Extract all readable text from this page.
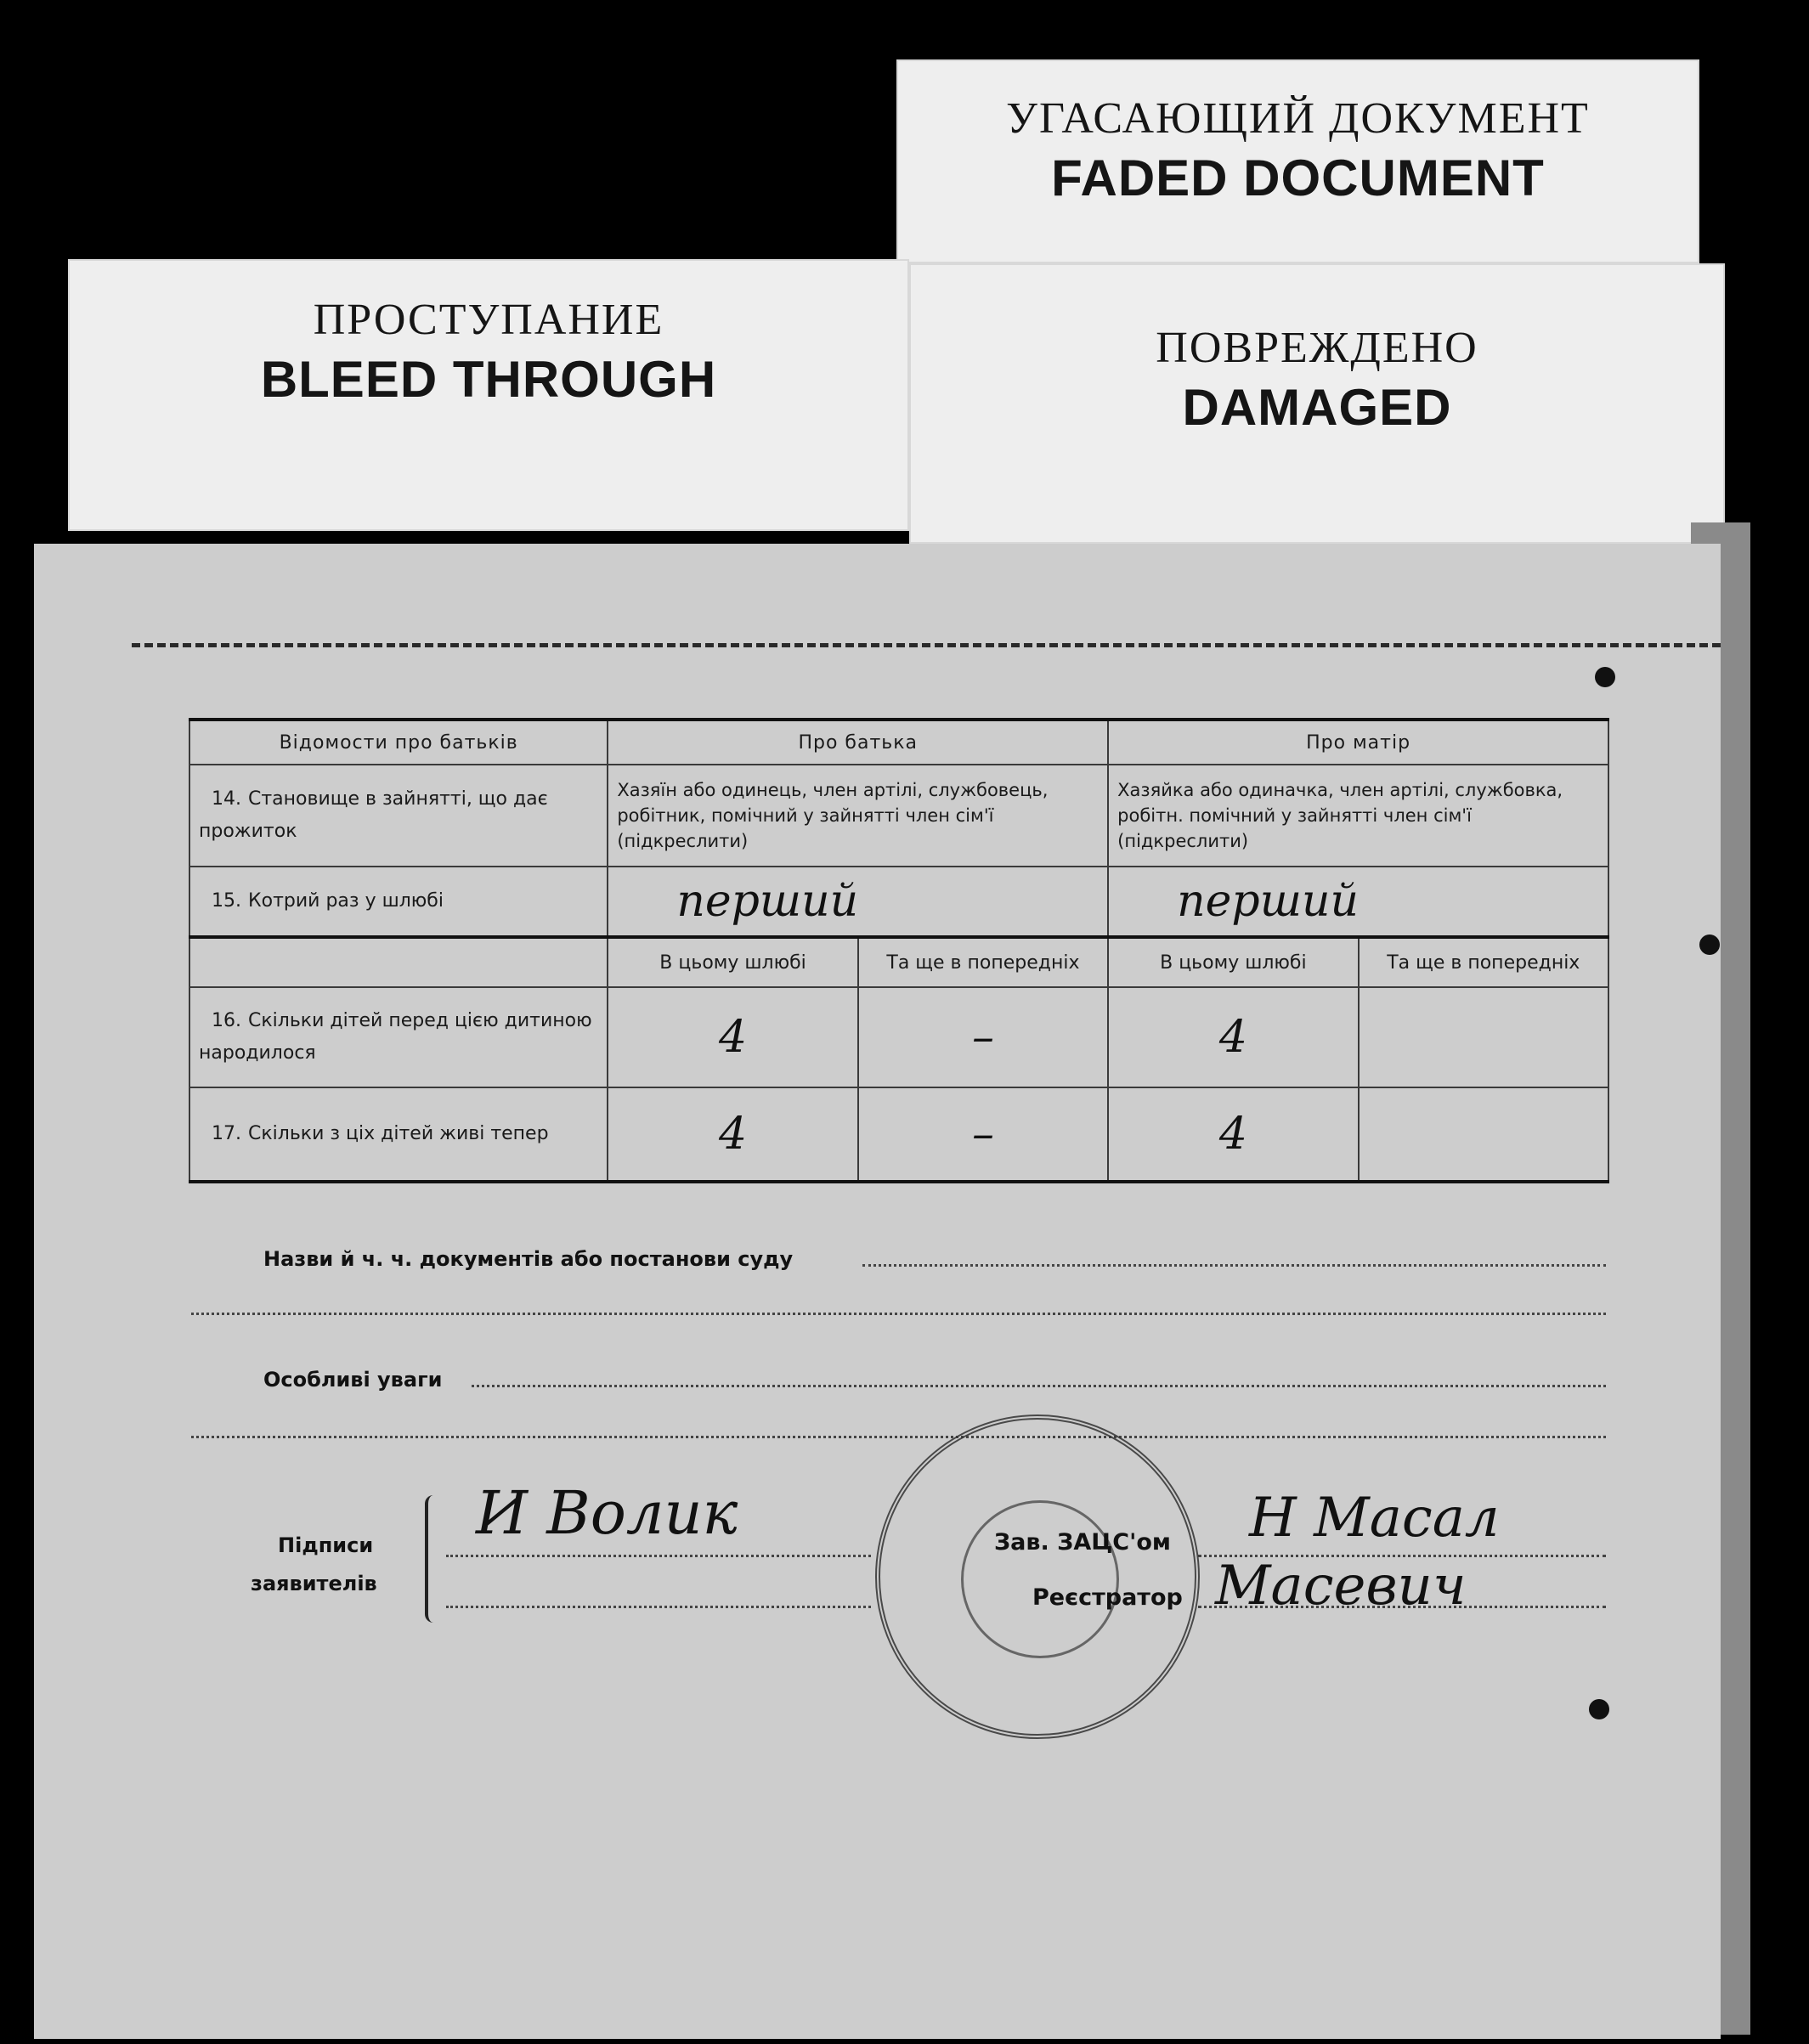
УГАСАЮЩИЙ ДОКУМЕНТ
FADED DOCUMENT
ПРОСТУПАНИЕ
BLEED THROUGH
ПОВРЕЖДЕНО
DAMAGED
Відомости про батьків	Про батька		Про матір	
14. Становище в зайнятті, що дає прожиток	Хазяїн або одинець, член артілі, службовець, робітник, помічний у зайнятті член сім'ї (підкреслити)		Хазяйка або одиначка, член артілі, службовка, робітн. помічний у зайнятті член сім'ї (підкреслити)	
15. Котрий раз у шлюбі	перший		перший	
	В цьому шлюбі	Та ще в попередніх	В цьому шлюбі	Та ще в попередніх
16. Скільки дітей перед цією дитиною народилося	4	–	4	
17. Скільки з ціх дітей живі тепер	4	–	4	
Назви й ч. ч. документів або постанови суду
Особливі уваги
Підписи
заявителів
И Волик	Зав. ЗАЦС'ом
Реєстратор
Н Масал
Масевич
